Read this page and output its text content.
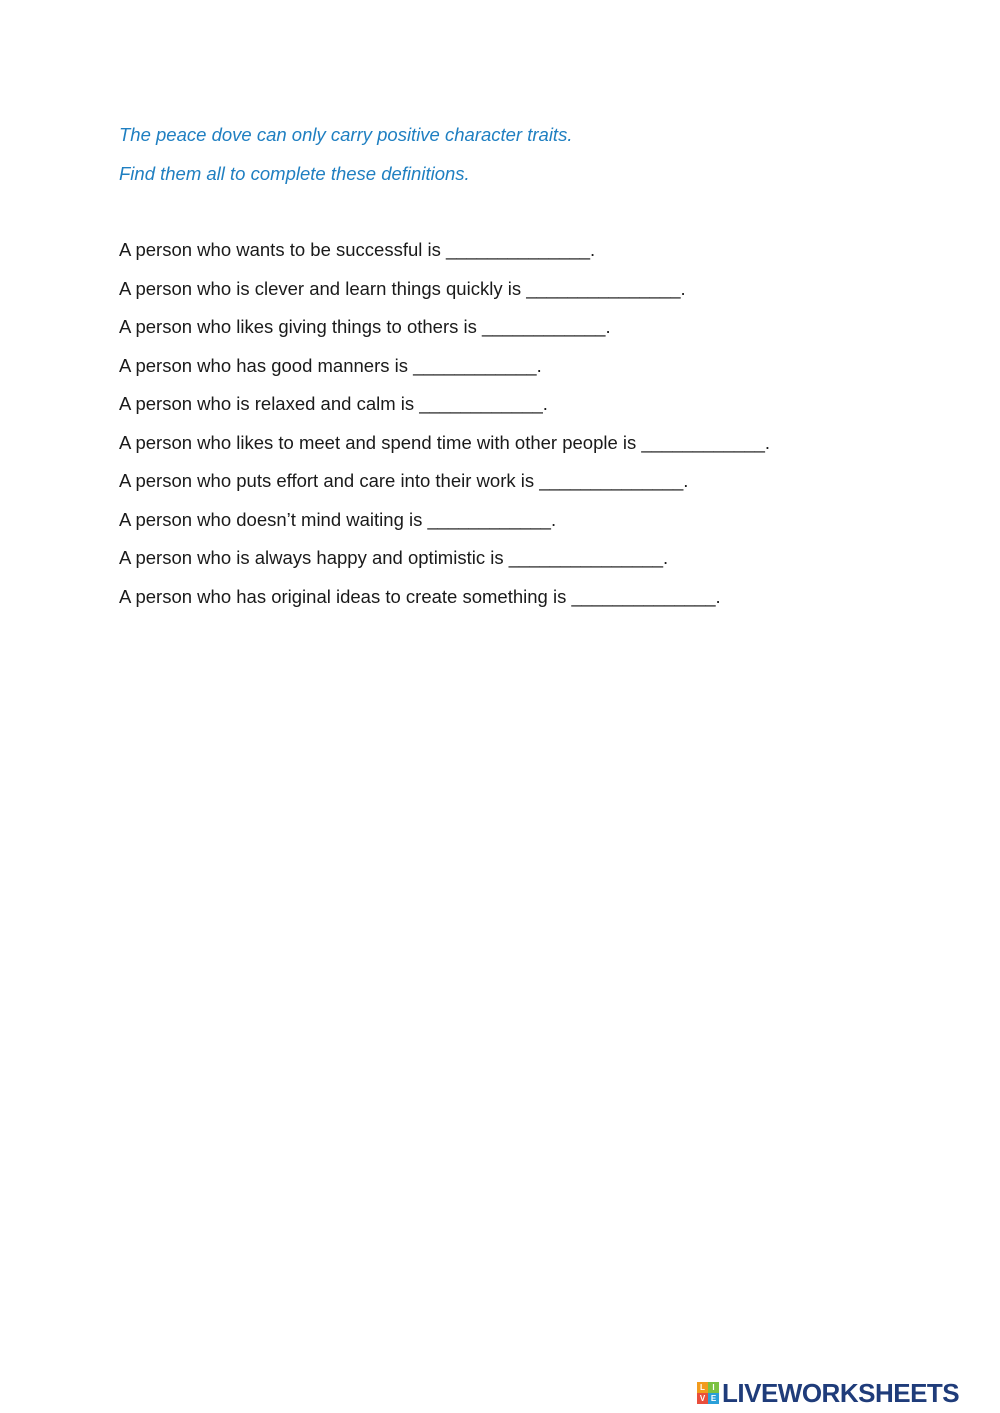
The peace dove can only carry positive character traits.
Find them all to complete these definitions.
A person who wants to be successful is ______________.
A person who is clever and learn things quickly is _______________.
A person who likes giving things to others is ____________.
A person who has good manners is ____________.
A person who is relaxed and calm is ____________.
A person who likes to meet and spend time with other people is ____________.
A person who puts effort and care into their work is ______________.
A person who doesn’t mind waiting is ____________.
A person who is always happy and optimistic is _______________.
A person who has original ideas to create something is ______________.
L I
V E LIVEWORKSHEETS
